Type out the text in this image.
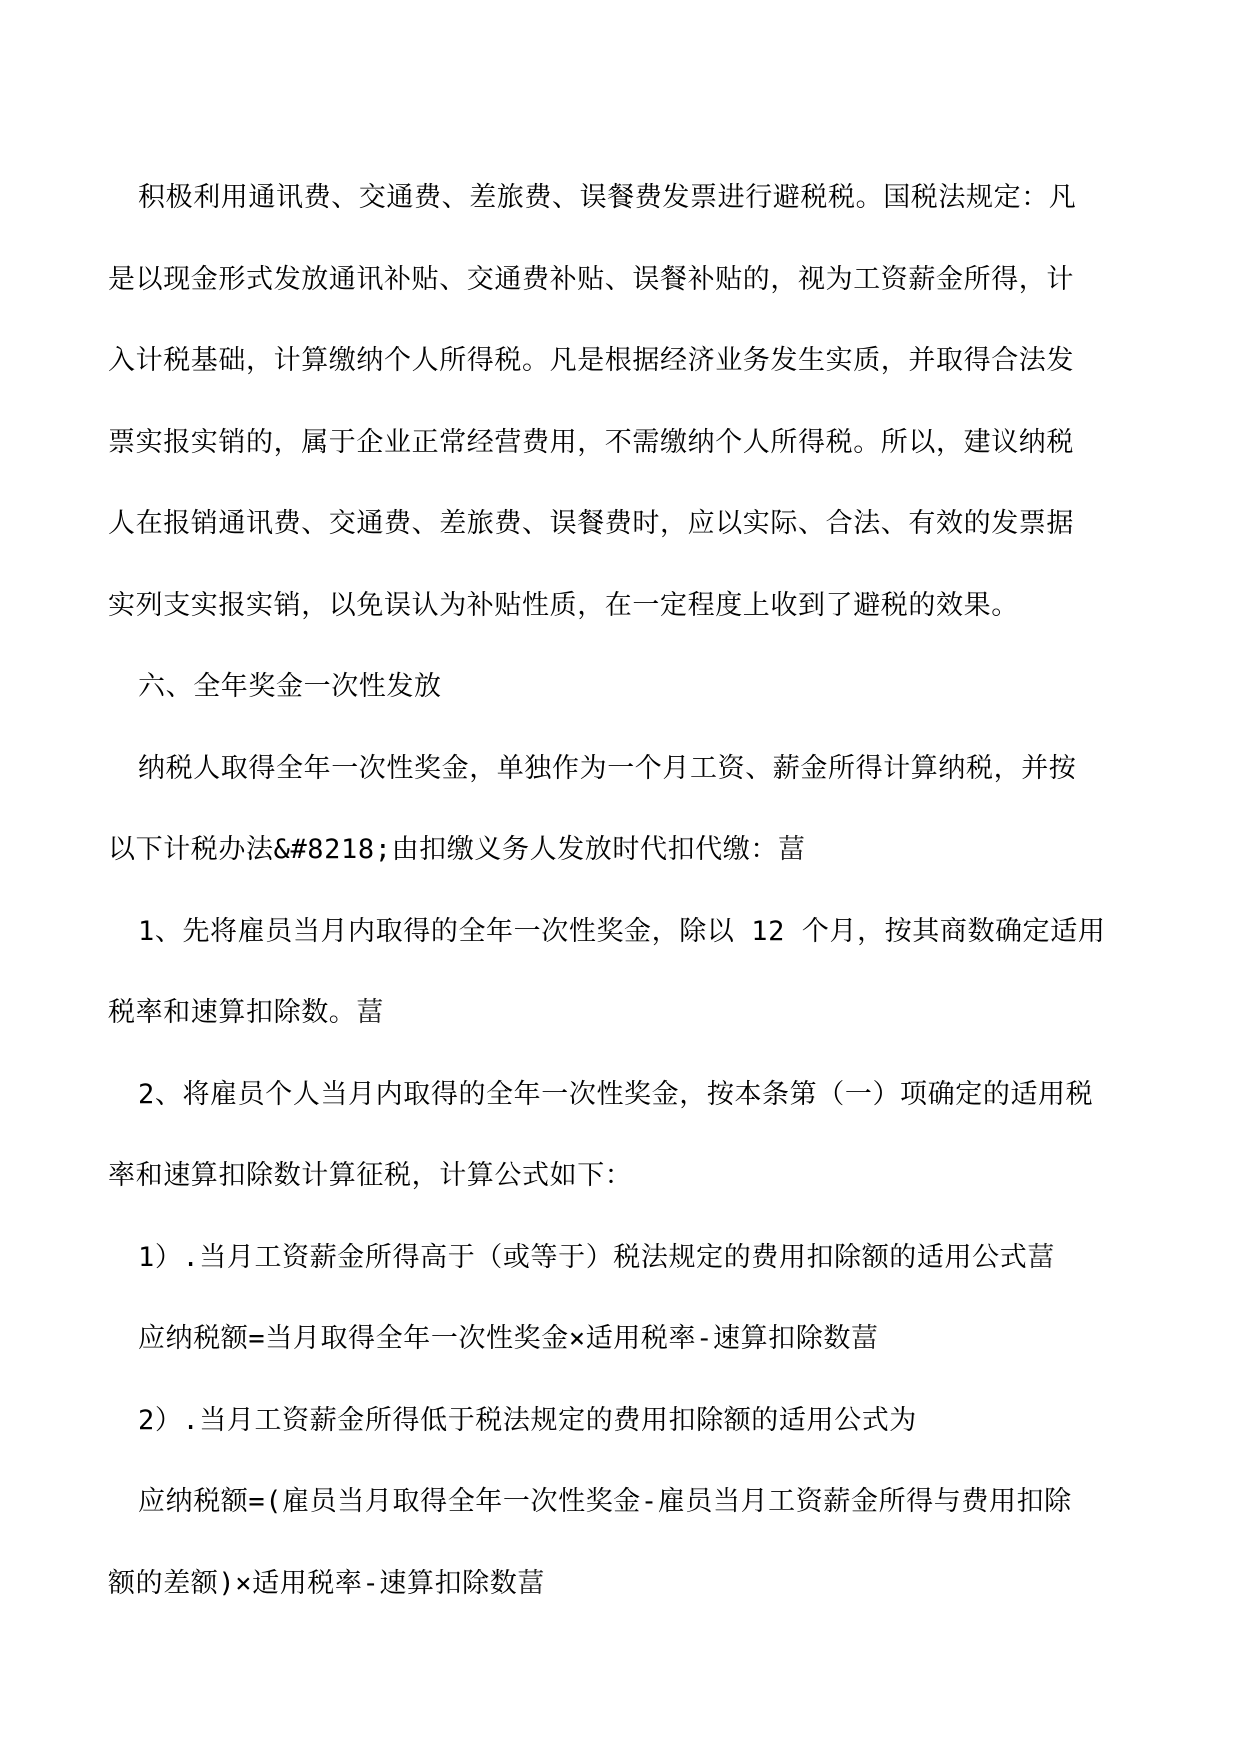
积极利用通讯费、交通费、差旅费、误餐费发票进行避税税。国税法规定：凡
是以现金形式发放通讯补贴、交通费补贴、误餐补贴的，视为工资薪金所得，计
入计税基础，计算缴纳个人所得税。凡是根据经济业务发生实质，并取得合法发
票实报实销的，属于企业正常经营费用，不需缴纳个人所得税。所以，建议纳税
人在报销通讯费、交通费、差旅费、误餐费时，应以实际、合法、有效的发票据
实列支实报实销，以免误认为补贴性质，在一定程度上收到了避税的效果。
六、全年奖金一次性发放
纳税人取得全年一次性奖金，单独作为一个月工资、薪金所得计算纳税，并按
以下计税办法&#8218;由扣缴义务人发放时代扣代缴：葍
1、先将雇员当月内取得的全年一次性奖金，除以 12 个月，按其商数确定适用
税率和速算扣除数。葍
2、将雇员个人当月内取得的全年一次性奖金，按本条第（一）项确定的适用税
率和速算扣除数计算征税，计算公式如下：
1）.当月工资薪金所得高于（或等于）税法规定的费用扣除额的适用公式葍
应纳税额=当月取得全年一次性奖金×适用税率-速算扣除数葍
2）.当月工资薪金所得低于税法规定的费用扣除额的适用公式为
应纳税额=(雇员当月取得全年一次性奖金-雇员当月工资薪金所得与费用扣除
额的差额)×适用税率-速算扣除数葍
